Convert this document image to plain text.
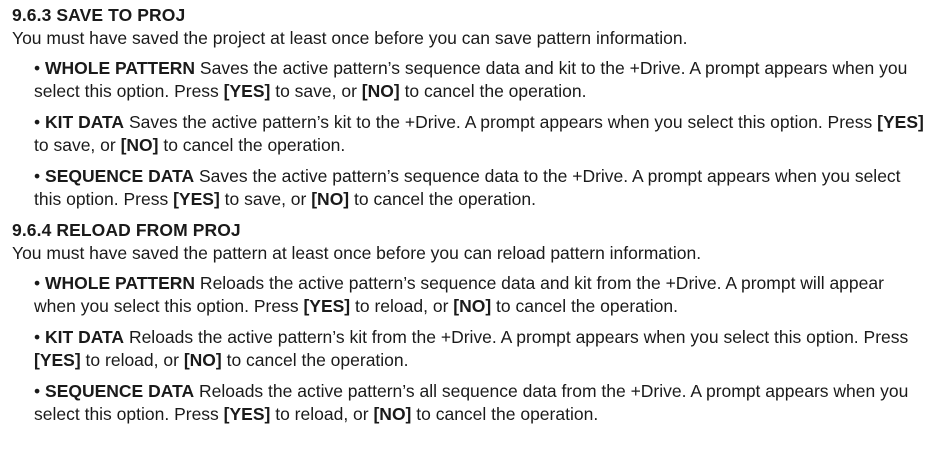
9.6.3 SAVE TO PROJ

You must have saved the project at least once before you can save pattern information.

• WHOLE PATTERN Saves the active pattern’s sequence data and kit to the +Drive. A prompt appears when you select this option. Press [YES] to save, or [NO] to cancel the operation.
• KIT DATA Saves the active pattern’s kit to the +Drive. A prompt appears when you select this option. Press [YES] to save, or [NO] to cancel the operation.
• SEQUENCE DATA Saves the active pattern’s sequence data to the +Drive. A prompt appears when you select this option. Press [YES] to save, or [NO] to cancel the operation.
9.6.4 RELOAD FROM PROJ

You must have saved the pattern at least once before you can reload pattern information.

• WHOLE PATTERN Reloads the active pattern’s sequence data and kit from the +Drive. A prompt will appear when you select this option. Press [YES] to reload, or [NO] to cancel the operation.
• KIT DATA Reloads the active pattern’s kit from the +Drive. A prompt appears when you select this option. Press [YES] to reload, or [NO] to cancel the operation.
• SEQUENCE DATA Reloads the active pattern’s all sequence data from the +Drive. A prompt appears when you select this option. Press [YES] to reload, or [NO] to cancel the operation.
